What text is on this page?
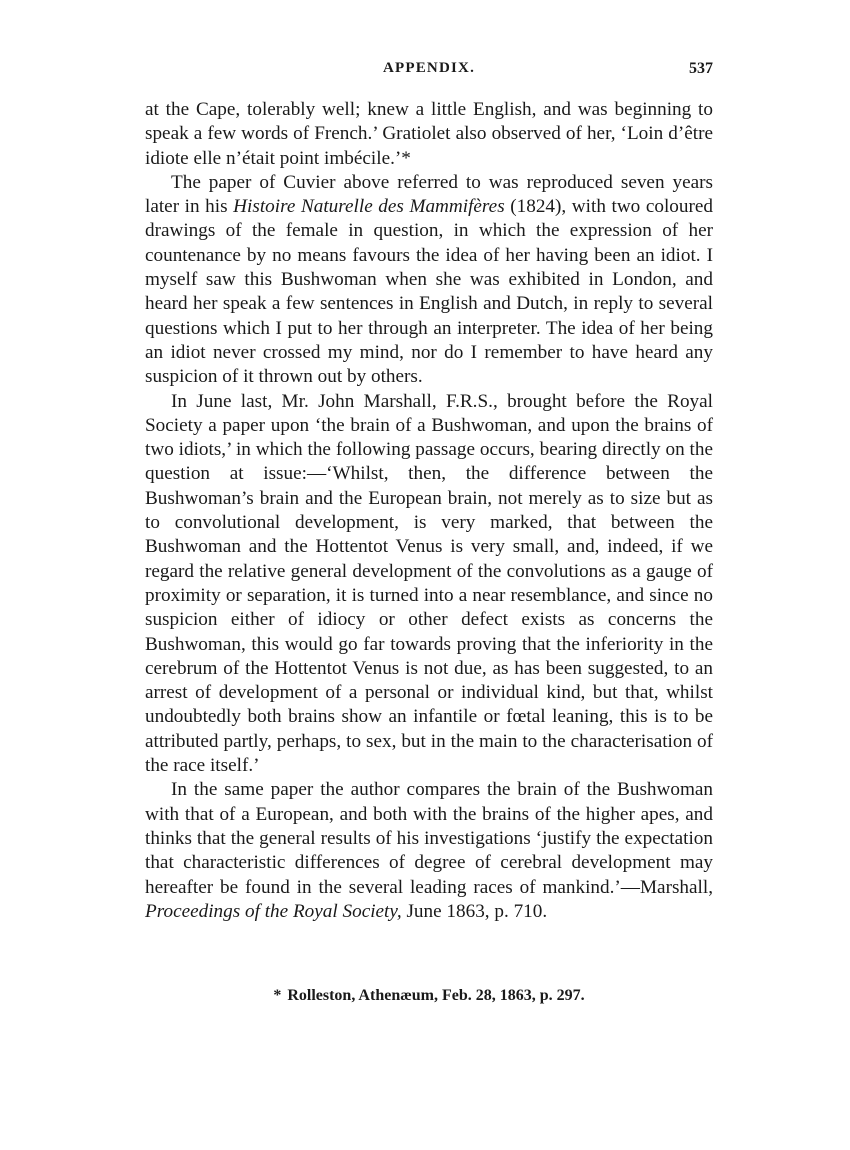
APPENDIX.	537

at the Cape, tolerably well; knew a little English, and was beginning to speak a few words of French.’ Gratiolet also observed of her, ‘Loin d’être idiote elle n’était point imbécile.’*

The paper of Cuvier above referred to was reproduced seven years later in his Histoire Naturelle des Mammifères (1824), with two coloured drawings of the female in question, in which the expression of her countenance by no means favours the idea of her having been an idiot. I myself saw this Bushwoman when she was exhibited in London, and heard her speak a few sentences in English and Dutch, in reply to several questions which I put to her through an interpreter. The idea of her being an idiot never crossed my mind, nor do I remember to have heard any suspicion of it thrown out by others.

In June last, Mr. John Marshall, F.R.S., brought before the Royal Society a paper upon ‘the brain of a Bushwoman, and upon the brains of two idiots,’ in which the following passage occurs, bearing directly on the question at issue:—‘Whilst, then, the difference between the Bushwoman’s brain and the European brain, not merely as to size but as to convolutional development, is very marked, that between the Bushwoman and the Hottentot Venus is very small, and, indeed, if we regard the relative general development of the convolutions as a gauge of proximity or separation, it is turned into a near resemblance, and since no suspicion either of idiocy or other defect exists as concerns the Bushwoman, this would go far towards proving that the inferiority in the cerebrum of the Hottentot Venus is not due, as has been suggested, to an arrest of development of a personal or individual kind, but that, whilst undoubtedly both brains show an infantile or fœtal leaning, this is to be attributed partly, perhaps, to sex, but in the main to the characterisation of the race itself.’

In the same paper the author compares the brain of the Bushwoman with that of a European, and both with the brains of the higher apes, and thinks that the general results of his investigations ‘justify the expectation that characteristic differences of degree of cerebral development may hereafter be found in the several leading races of mankind.’—Marshall, Proceedings of the Royal Society, June 1863, p. 710.

* Rolleston, Athenæum, Feb. 28, 1863, p. 297.
